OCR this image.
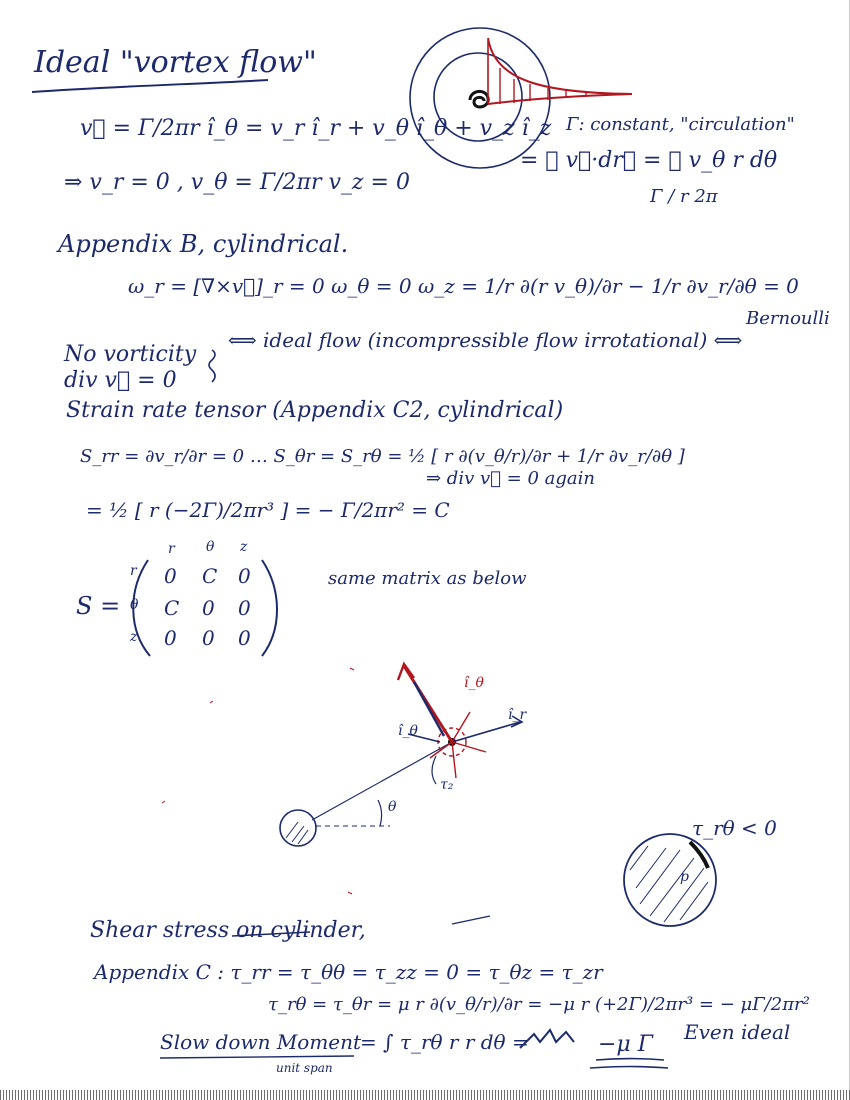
Ideal "vortex flow"
v⃗ = Γ/2πr î_θ = v_r î_r + v_θ î_θ + v_z î_z Γ: constant, "circulation"
= ∮ v⃗·dr⃗ = ∮ v_θ r dθ
Γ / r 2π
⇒ v_r = 0 , v_θ = Γ/2πr v_z = 0
Appendix B, cylindrical.
ω_r = [∇×v⃗]_r = 0 ω_θ = 0 ω_z = 1/r ∂(r v_θ)/∂r − 1/r ∂v_r/∂θ = 0
No vorticity
div v⃗ = 0
⟺ ideal flow (incompressible flow irrotational) ⟺
Bernoulli
Strain rate tensor (Appendix C2, cylindrical)
S_rr = ∂v_r/∂r = 0 … S_θr = S_rθ = ½ [ r ∂(v_θ/r)/∂r + 1/r ∂v_r/∂θ ]
= ½ [ r (−2Γ)/2πr³ ] = − Γ/2πr² = C
⇒ div v⃗ = 0 again
S =
r θ z
r
θ
z
0 C 0
C 0 0
0 0 0
same matrix as below
î_r
î_θ
î_θ
τ₂
θ
τ_rθ < 0
p
Shear stress on cylinder,
Appendix C : τ_rr = τ_θθ = τ_zz = 0 = τ_θz = τ_zr
τ_rθ = τ_θr = μ r ∂(v_θ/r)/∂r = −μ r (+2Γ)/2πr³ = − μΓ/2πr²
Slow down Moment
unit span
= ∫ τ_rθ r r dθ =	−μ Γ Even ideal
